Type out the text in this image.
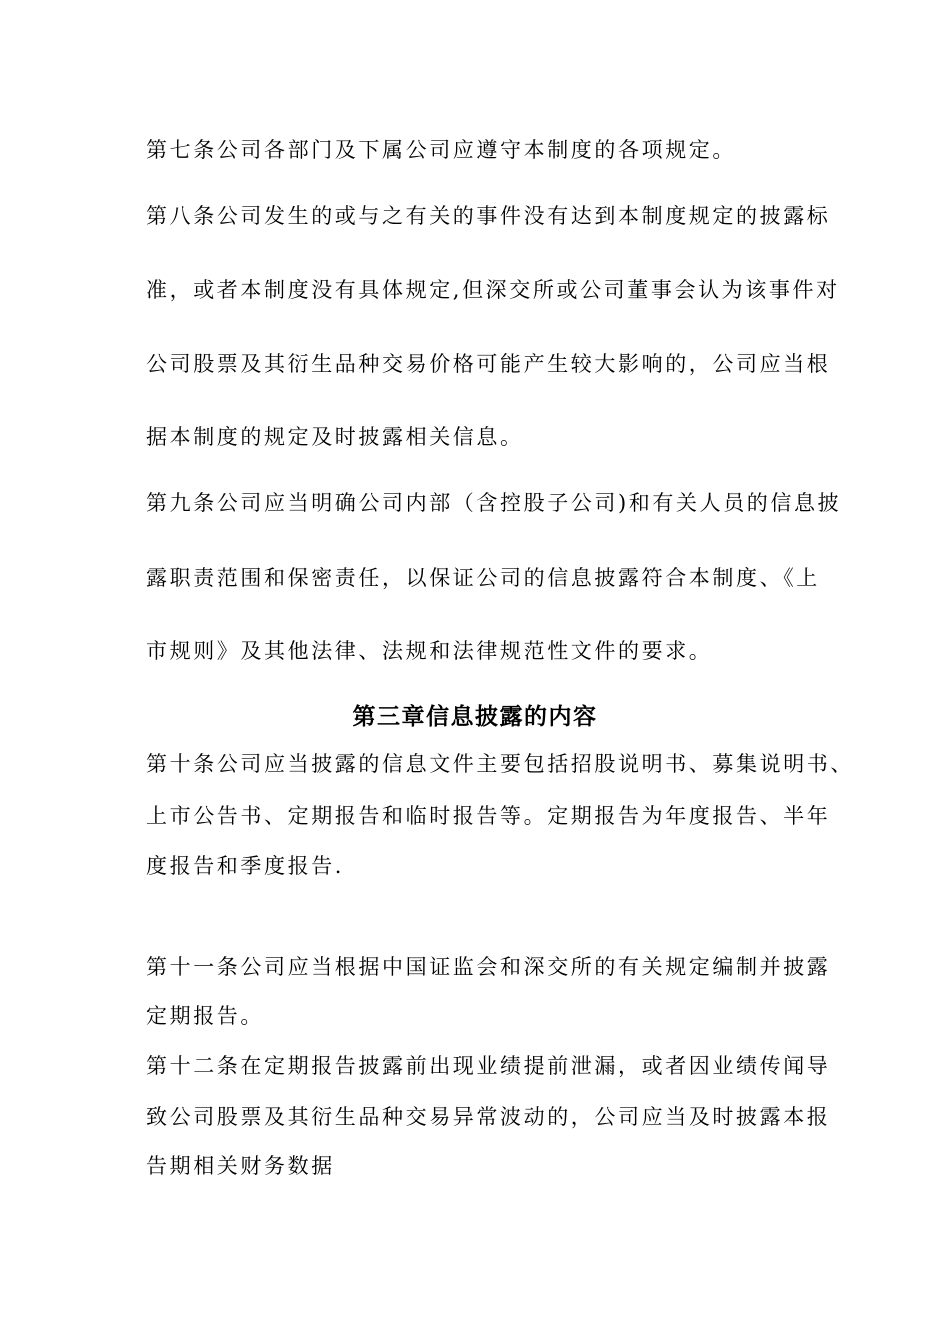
第七条公司各部门及下属公司应遵守本制度的各项规定。
第八条公司发生的或与之有关的事件没有达到本制度规定的披露标
准，或者本制度没有具体规定,但深交所或公司董事会认为该事件对
公司股票及其衍生品种交易价格可能产生较大影响的，公司应当根
据本制度的规定及时披露相关信息。
第九条公司应当明确公司内部（含控股子公司)和有关人员的信息披
露职责范围和保密责任，以保证公司的信息披露符合本制度、《上
市规则》及其他法律、法规和法律规范性文件的要求。
第三章信息披露的内容
第十条公司应当披露的信息文件主要包括招股说明书、募集说明书、
上市公告书、定期报告和临时报告等。定期报告为年度报告、半年
度报告和季度报告.
第十一条公司应当根据中国证监会和深交所的有关规定编制并披露
定期报告。
第十二条在定期报告披露前出现业绩提前泄漏，或者因业绩传闻导
致公司股票及其衍生品种交易异常波动的，公司应当及时披露本报
告期相关财务数据
